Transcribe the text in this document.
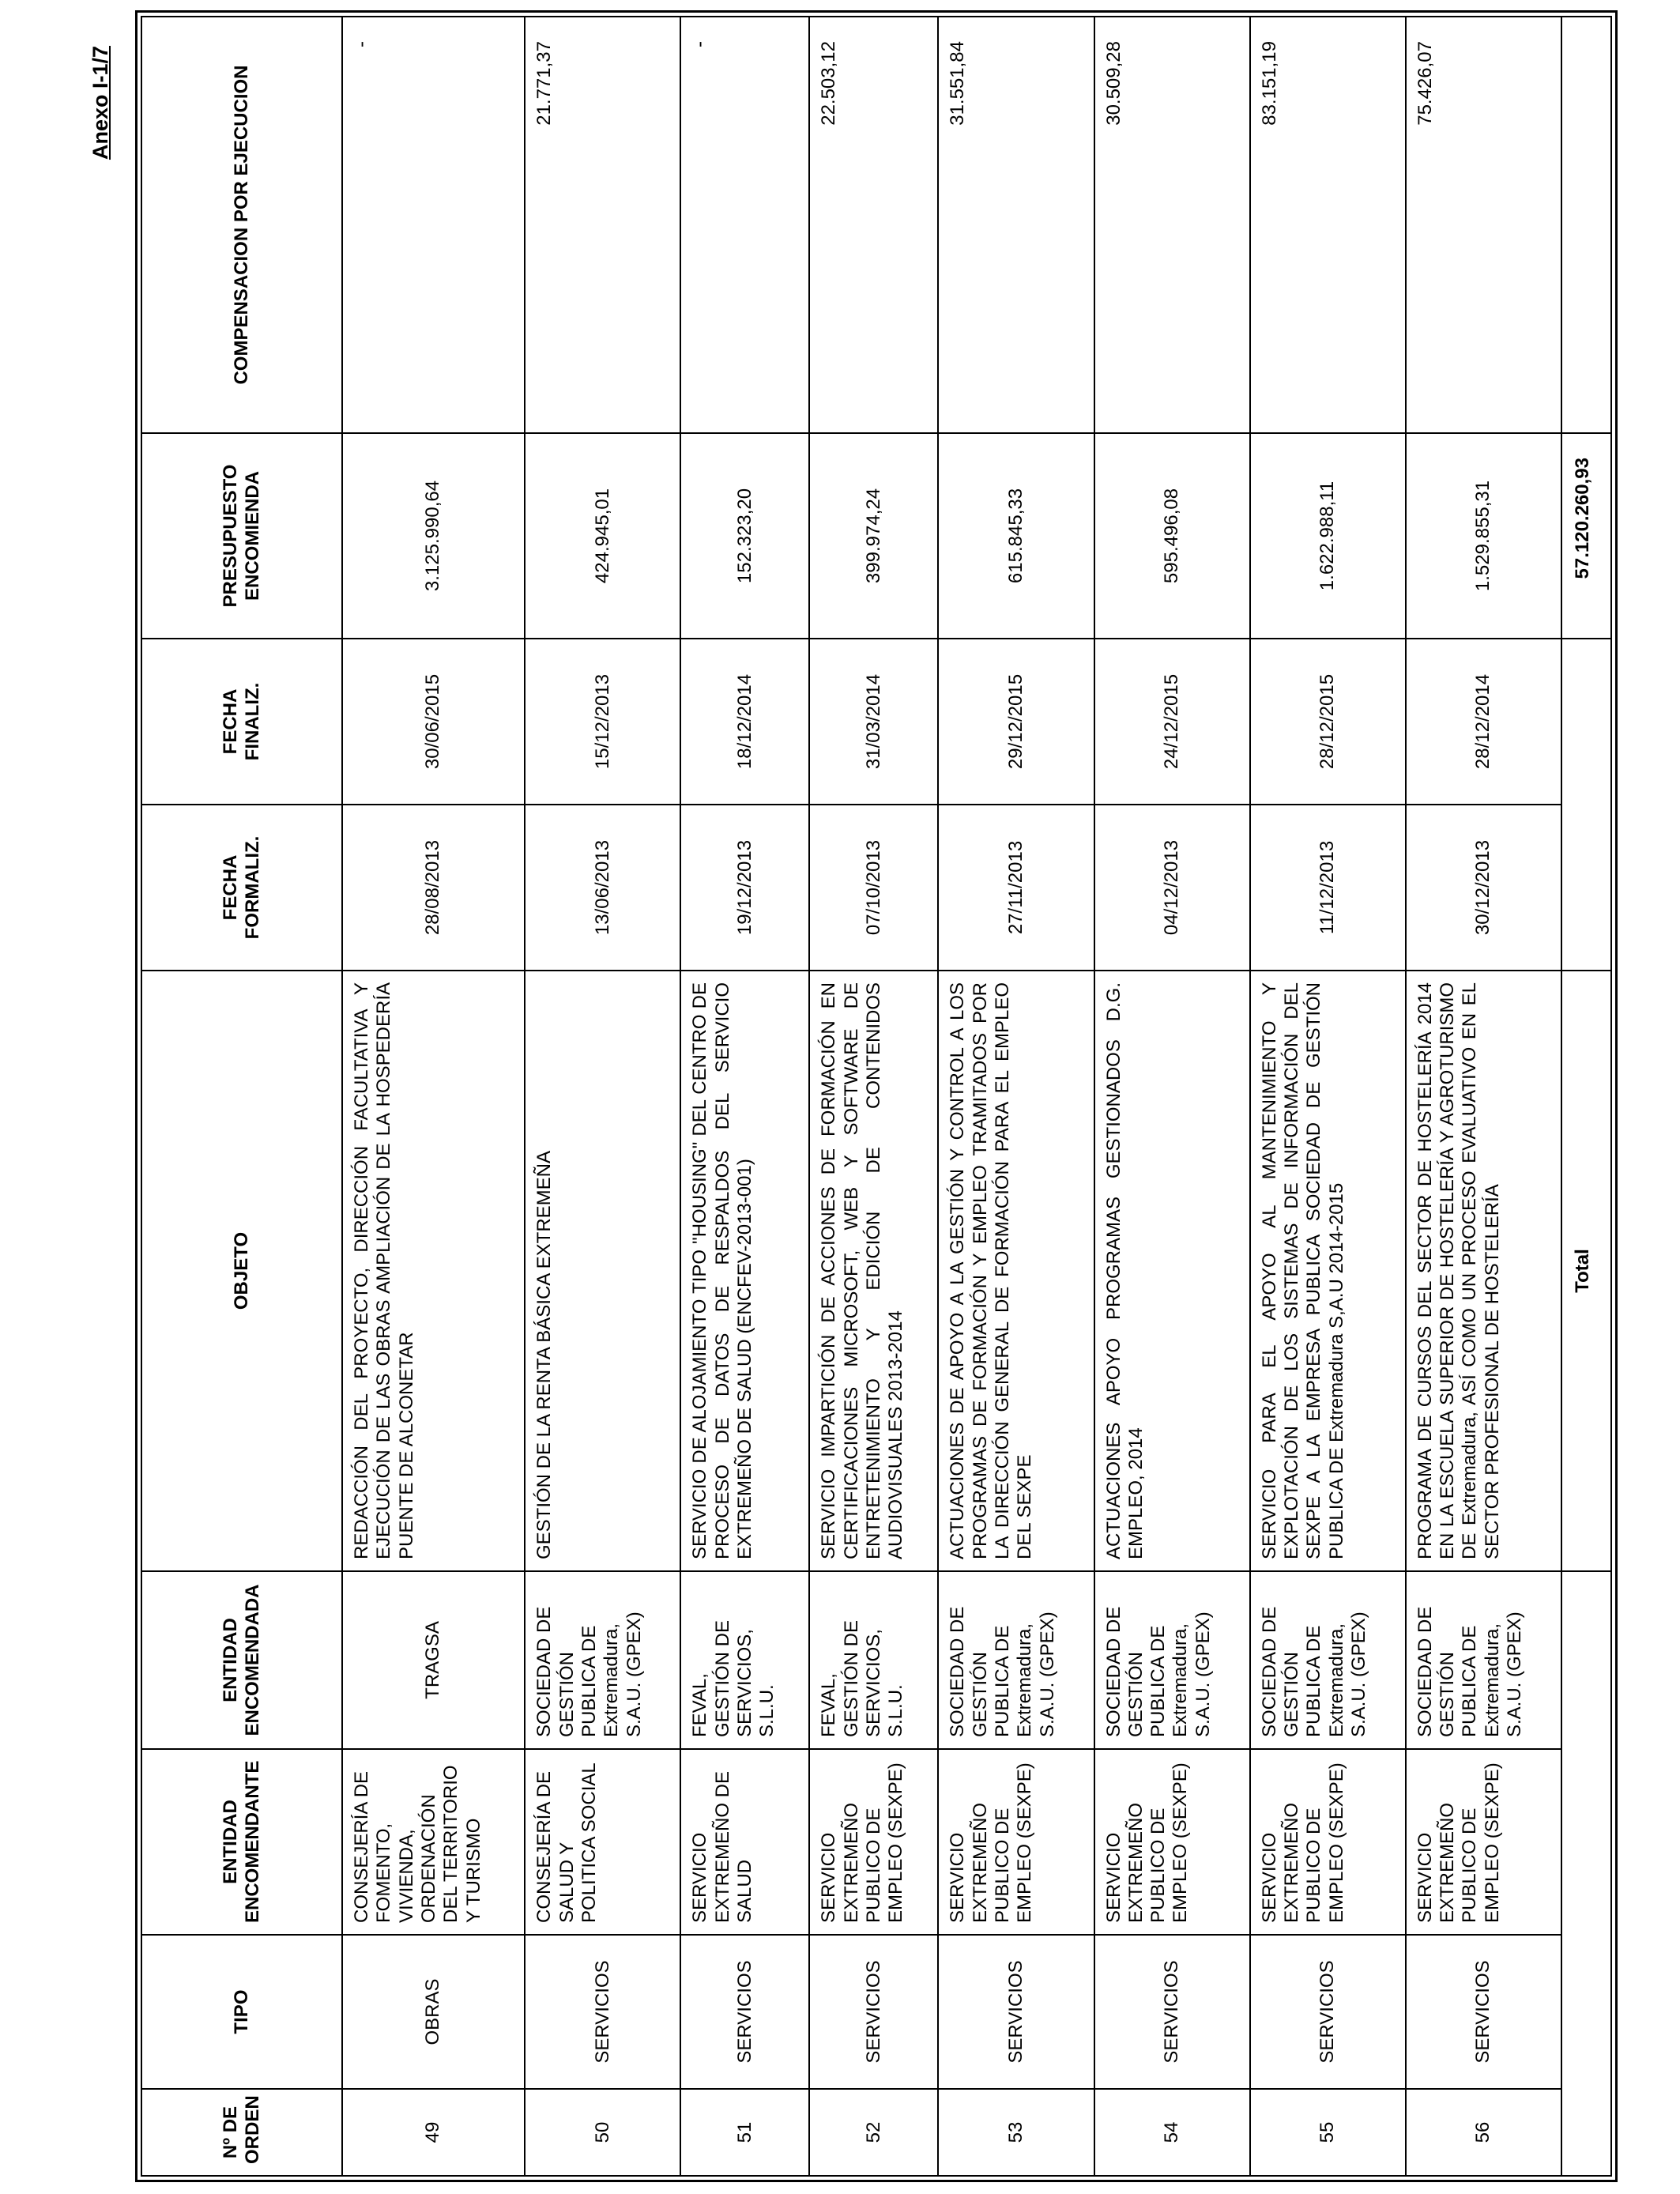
Anexo I-1/7
Nº DE ORDEN	TIPO	ENTIDAD ENCOMENDANTE	ENTIDAD ENCOMENDADA	OBJETO	FECHA FORMALIZ.	FECHA FINALIZ.	PRESUPUESTO ENCOMIENDA	COMPENSACION POR EJECUCION
49	OBRAS	CONSEJERÍA DE FOMENTO, VIVIENDA, ORDENACIÓN DEL TERRITORIO Y TURISMO	TRAGSA	REDACCIÓN DEL PROYECTO, DIRECCIÓN FACULTATIVA Y EJECUCIÓN DE LAS OBRAS AMPLIACIÓN DE LA HOSPEDERÍA PUENTE DE ALCONETAR	28/08/2013	30/06/2015	3.125.990,64	-
50	SERVICIOS	CONSEJERÍA DE SALUD Y POLITICA SOCIAL	SOCIEDAD DE GESTIÓN PUBLICA DE Extremadura, S.A.U. (GPEX)	GESTIÓN DE LA RENTA BÁSICA EXTREMEÑA	13/06/2013	15/12/2013	424.945,01	21.771,37
51	SERVICIOS	SERVICIO EXTREMEÑO DE SALUD	FEVAL, GESTIÓN DE SERVICIOS, S.L.U.	SERVICIO DE ALOJAMIENTO TIPO "HOUSING" DEL CENTRO DE PROCESO DE DATOS DE RESPALDOS DEL SERVICIO EXTREMEÑO DE SALUD (ENCFEV-2013-001)	19/12/2013	18/12/2014	152.323,20	-
52	SERVICIOS	SERVICIO EXTREMEÑO PUBLICO DE EMPLEO (SEXPE)	FEVAL, GESTIÓN DE SERVICIOS, S.L.U.	SERVICIO IMPARTICIÓN DE ACCIONES DE FORMACIÓN EN CERTIFICACIONES MICROSOFT, WEB Y SOFTWARE DE ENTRETENIMIENTO Y EDICIÓN DE CONTENIDOS AUDIOVISUALES 2013-2014	07/10/2013	31/03/2014	399.974,24	22.503,12
53	SERVICIOS	SERVICIO EXTREMEÑO PUBLICO DE EMPLEO (SEXPE)	SOCIEDAD DE GESTIÓN PUBLICA DE Extremadura, S.A.U. (GPEX)	ACTUACIONES DE APOYO A LA GESTIÓN Y CONTROL A LOS PROGRAMAS DE FORMACIÓN Y EMPLEO TRAMITADOS POR LA DIRECCIÓN GENERAL DE FORMACIÓN PARA EL EMPLEO DEL SEXPE	27/11/2013	29/12/2015	615.845,33	31.551,84
54	SERVICIOS	SERVICIO EXTREMEÑO PUBLICO DE EMPLEO (SEXPE)	SOCIEDAD DE GESTIÓN PUBLICA DE Extremadura, S.A.U. (GPEX)	ACTUACIONES APOYO PROGRAMAS GESTIONADOS D.G. EMPLEO, 2014	04/12/2013	24/12/2015	595.496,08	30.509,28
55	SERVICIOS	SERVICIO EXTREMEÑO PUBLICO DE EMPLEO (SEXPE)	SOCIEDAD DE GESTIÓN PUBLICA DE Extremadura, S.A.U. (GPEX)	SERVICIO PARA EL APOYO AL MANTENIMIENTO Y EXPLOTACIÓN DE LOS SISTEMAS DE INFORMACIÓN DEL SEXPE A LA EMPRESA PUBLICA SOCIEDAD DE GESTIÓN PUBLICA DE Extremadura S,A.U 2014-2015	11/12/2013	28/12/2015	1.622.988,11	83.151,19
56	SERVICIOS	SERVICIO EXTREMEÑO PUBLICO DE EMPLEO (SEXPE)	SOCIEDAD DE GESTIÓN PUBLICA DE Extremadura, S.A.U. (GPEX)	PROGRAMA DE CURSOS DEL SECTOR DE HOSTELERÍA 2014 EN LA ESCUELA SUPERIOR DE HOSTELERÍA Y AGROTURISMO DE Extremadura, ASÍ COMO UN PROCESO EVALUATIVO EN EL SECTOR PROFESIONAL DE HOSTELERÍA	30/12/2013	28/12/2014	1.529.855,31	75.426,07
				Total			57.120.260,93	
